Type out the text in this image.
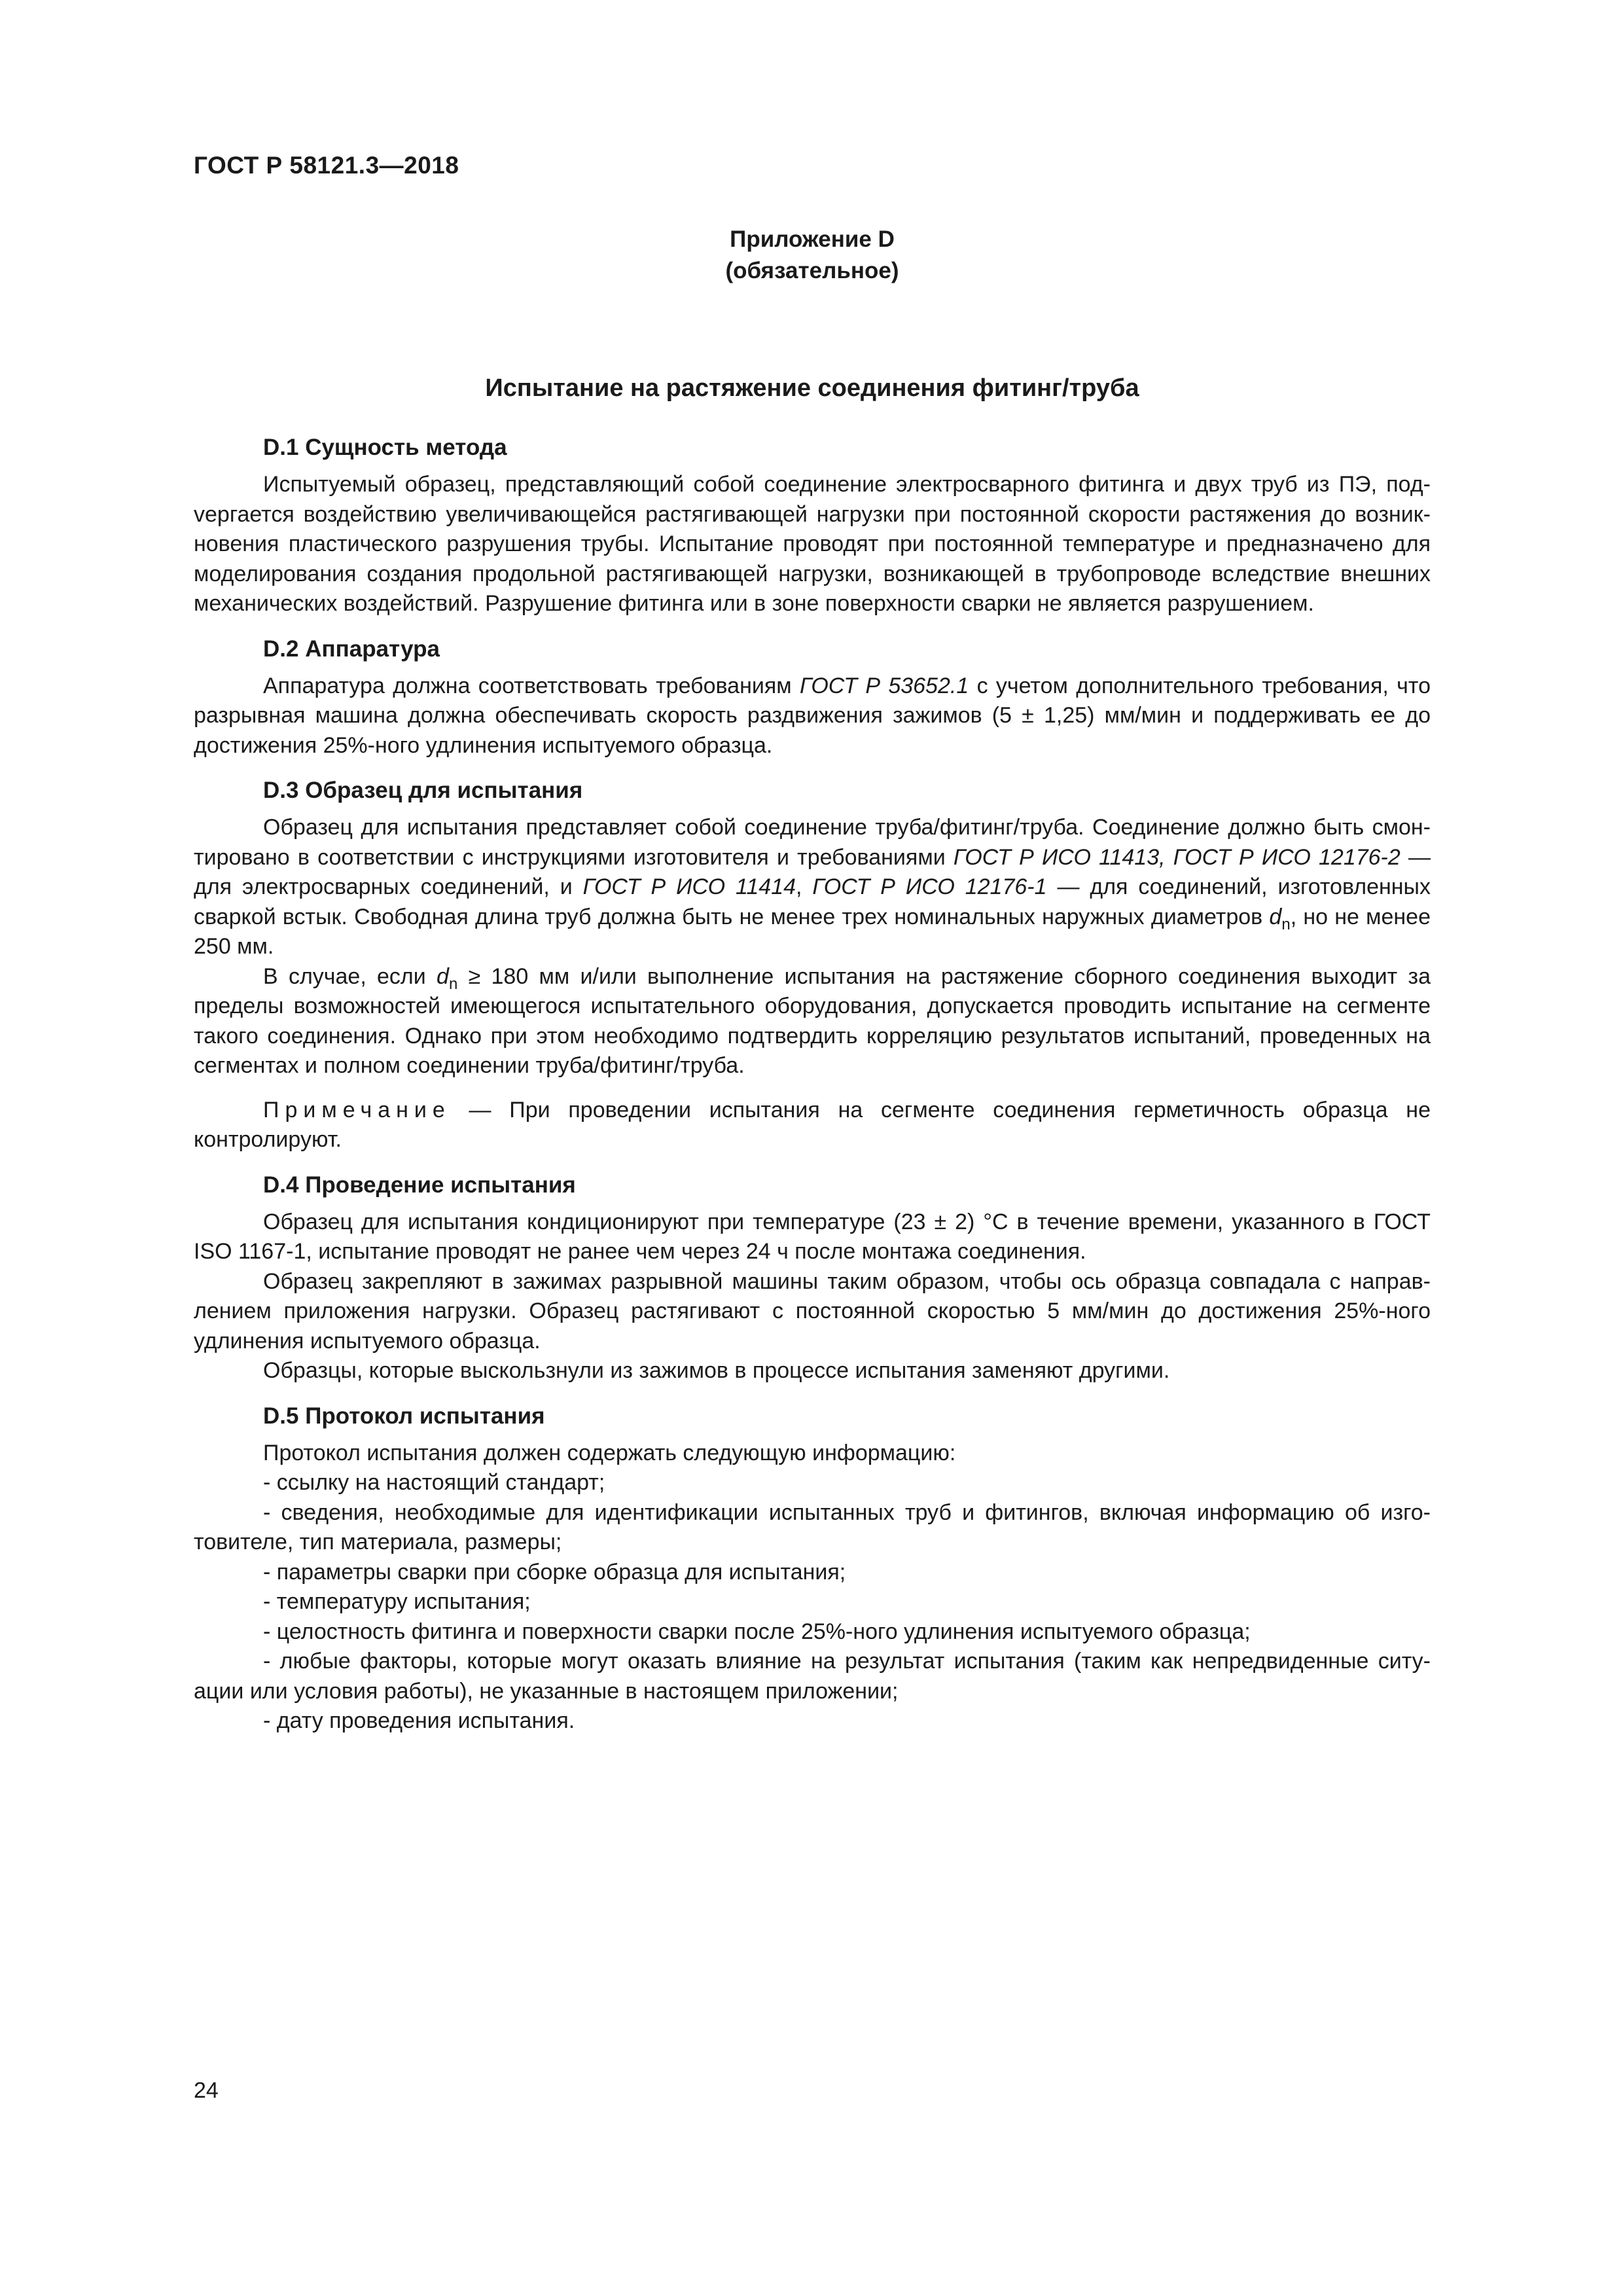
ГОСТ Р 58121.3—2018
Приложение D
(обязательное)
Испытание на растяжение соединения фитинг/труба
D.1 Сущность метода

Испытуемый образец, представляющий собой соединение электросварного фитинга и двух труб из ПЭ, подvергается воздействию увеличивающейся растягивающей нагрузки при постоянной скорости растяжения до возникновения пластического разрушения трубы. Испытание проводят при постоянной температуре и предназначено для моделирования создания продольной растягивающей нагрузки, возникающей в трубопроводе вследствие внешних механических воздействий. Разрушение фитинга или в зоне поверхности сварки не является разрушением.

D.2 Аппаратура

Аппаратура должна соответствовать требованиям ГОСТ Р 53652.1 с учетом дополнительного требования, что разрывная машина должна обеспечивать скорость раздвижения зажимов (5 ± 1,25) мм/мин и поддерживать ее до достижения 25%-ного удлинения испытуемого образца.

D.3 Образец для испытания

Образец для испытания представляет собой соединение труба/фитинг/труба. Соединение должно быть смонтировано в соответствии с инструкциями изготовителя и требованиями ГОСТ Р ИСО 11413, ГОСТ Р ИСО 12176-2 — для электросварных соединений, и ГОСТ Р ИСО 11414, ГОСТ Р ИСО 12176-1 — для соединений, изготовленных сваркой встык. Свободная длина труб должна быть не менее трех номинальных наружных диаметров $d_n$, но не менее 250 мм.

В случае, если $d_n \ge 180$ мм и/или выполнение испытания на растяжение сборного соединения выходит за пределы возможностей имеющегося испытательного оборудования, допускается проводить испытание на сегменте такого соединения. Однако при этом необходимо подтвердить корреляцию результатов испытаний, проведенных на сегментах и полном соединении труба/фитинг/труба.

Примечание — При проведении испытания на сегменте соединения герметичность образца не контролируют.

D.4 Проведение испытания

Образец для испытания кондиционируют при температуре (23 ± 2) °С в течение времени, указанного в ГОСТ ISO 1167-1, испытание проводят не ранее чем через 24 ч после монтажа соединения.

Образец закрепляют в зажимах разрывной машины таким образом, чтобы ось образца совпадала с направлением приложения нагрузки. Образец растягивают с постоянной скоростью 5 мм/мин до достижения 25%-ного удлинения испытуемого образца.

Образцы, которые выскользнули из зажимов в процессе испытания заменяют другими.

D.5 Протокол испытания

Протокол испытания должен содержать следующую информацию:

- ссылку на настоящий стандарт;

- сведения, необходимые для идентификации испытанных труб и фитингов, включая информацию об изготовителе, тип материала, размеры;

- параметры сварки при сборке образца для испытания;

- температуру испытания;

- целостность фитинга и поверхности сварки после 25%-ного удлинения испытуемого образца;

- любые факторы, которые могут оказать влияние на результат испытания (таким как непредвиденные ситуации или условия работы), не указанные в настоящем приложении;

- дату проведения испытания.

24
